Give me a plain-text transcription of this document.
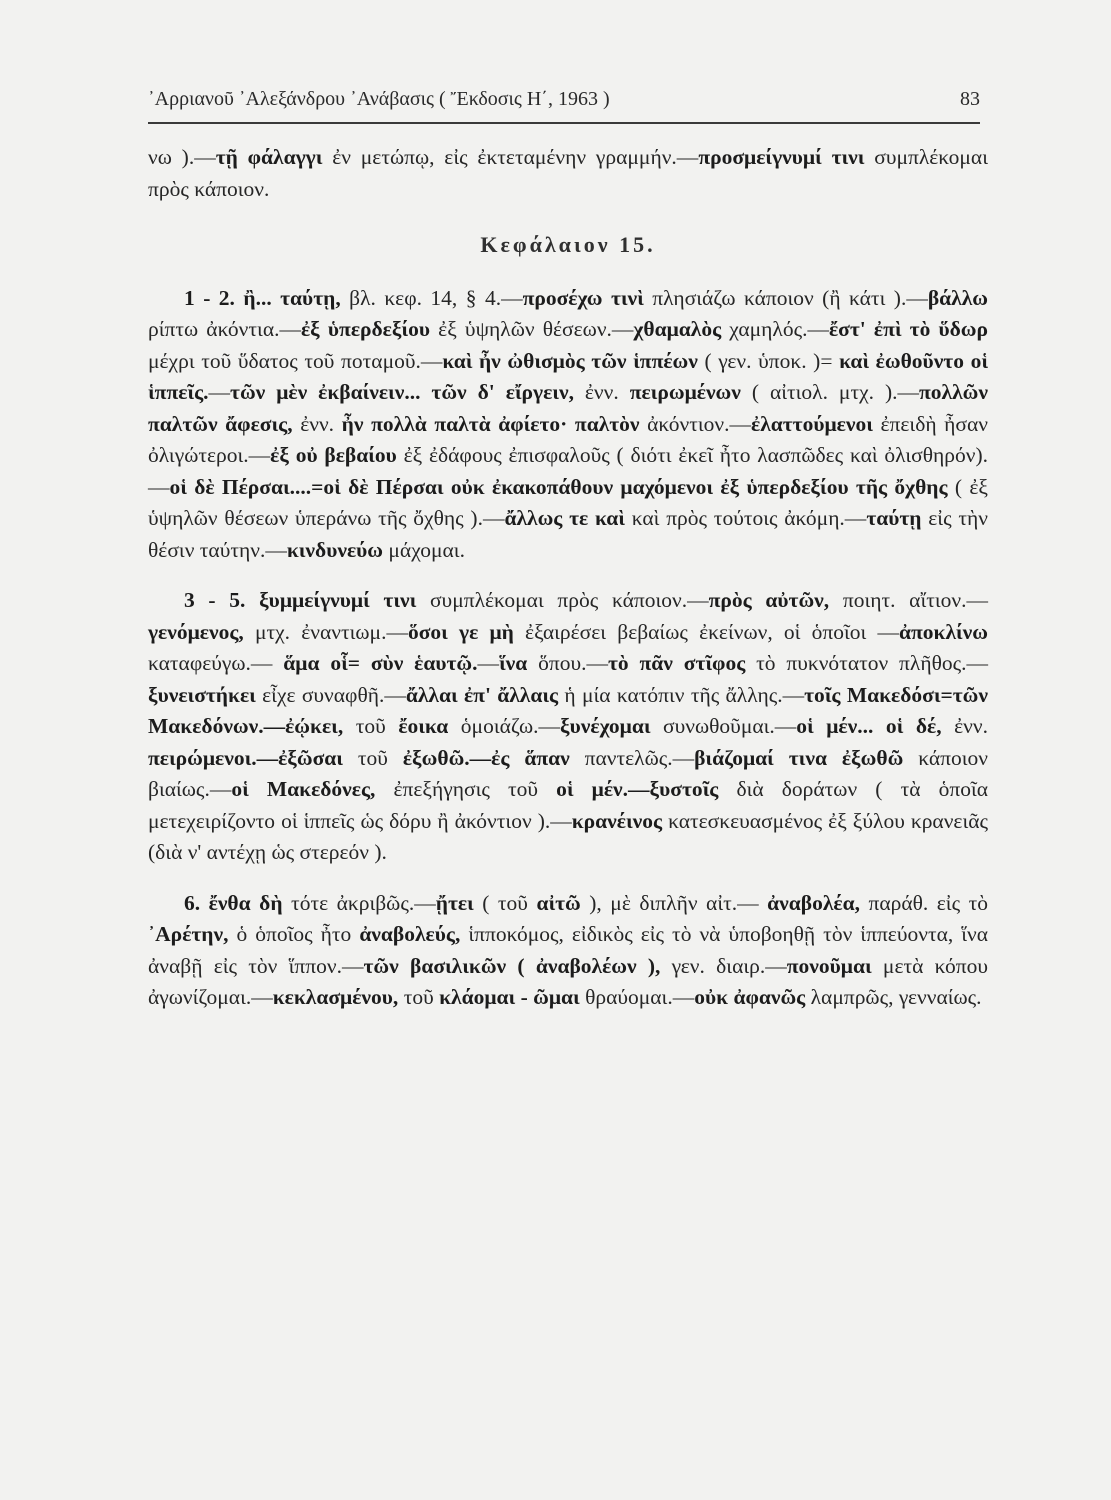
᾿Αρριανοῦ ᾿Αλεξάνδρου ᾿Ανάβασις ( Ἔκδοσις Η΄, 1963 )	83

νω ).—τῇ φάλαγγι ἐν μετώπῳ, εἰς ἐκτεταμένην γραμμήν.—προσμείγνυμί τινι συμπλέκομαι πρὸς κάποιον.

Κεφάλαιον 15.

1 - 2. ἢ... ταύτῃ, βλ. κεφ. 14, § 4.—προσέχω τινὶ πλησιάζω κάποιον (ἢ κάτι ).—βάλλω ρίπτω ἀκόντια.—ἐξ ὑπερδεξίου ἐξ ὑψηλῶν θέσεων.—χθαμαλὸς χαμηλός.—ἔστ' ἐπὶ τὸ ὕδωρ μέχρι τοῦ ὕδατος τοῦ ποταμοῦ.—καὶ ἦν ὠθισμὸς τῶν ἱππέων ( γεν. ὑποκ. )= καὶ ἐωθοῦντο οἱ ἱππεῖς.—τῶν μὲν ἐκβαίνειν... τῶν δ' εἴργειν, ἐνν. πειρωμένων ( αἰτιολ. μτχ. ).—πολλῶν παλτῶν ἄφεσις, ἐνν. ἦν πολλὰ παλτὰ ἀφίετο· παλτὸν ἀκόντιον.—ἐλαττούμενοι ἐπειδὴ ἦσαν ὀλιγώτεροι.—ἐξ οὐ βεβαίου ἐξ ἐδάφους ἐπισφαλοῦς ( διότι ἐκεῖ ἦτο λασπῶδες καὶ ὀλισθηρόν).—οἱ δὲ Πέρσαι....=οἱ δὲ Πέρσαι οὐκ ἐκακοπάθουν μαχόμενοι ἐξ ὑπερδεξίου τῆς ὄχθης ( ἐξ ὑψηλῶν θέσεων ὑπεράνω τῆς ὄχθης ).—ἄλλως τε καὶ καὶ πρὸς τούτοις ἀκόμη.—ταύτῃ εἰς τὴν θέσιν ταύτην.—κινδυνεύω μάχομαι.

3 - 5. ξυμμείγνυμί τινι συμπλέκομαι πρὸς κάποιον.—πρὸς αὐτῶν, ποιητ. αἴτιον.—γενόμενος, μτχ. ἐναντιωμ.—ὅσοι γε μὴ ἐξαιρέσει βεβαίως ἐκείνων, οἱ ὁποῖοι —ἀποκλίνω καταφεύγω.— ἅμα οἷ= σὺν ἑαυτῷ.—ἵνα ὅπου.—τὸ πᾶν στῖφος τὸ πυκνότατον πλῆθος.—ξυνειστήκει εἶχε συναφθῆ.—ἄλλαι ἐπ' ἄλλαις ἡ μία κατόπιν τῆς ἄλλης.—τοῖς Μακεδόσι=τῶν Μακεδόνων.—ἐῴκει, τοῦ ἔοικα ὁμοιάζω.—ξυνέχομαι συνωθοῦμαι.—οἱ μέν... οἱ δέ, ἐνν. πειρώμενοι.—ἐξῶσαι τοῦ ἐξωθῶ.—ἐς ἅπαν παντελῶς.—βιάζομαί τινα ἐξωθῶ κάποιον βιαίως.—οἱ Μακεδόνες, ἐπεξήγησις τοῦ οἱ μέν.—ξυστοῖς διὰ δοράτων ( τὰ ὁποῖα μετεχειρίζοντο οἱ ἱππεῖς ὡς δόρυ ἢ ἀκόντιον ).—κρανέινος κατεσκευασμένος ἐξ ξύλου κρανειᾶς (διὰ ν' αντέχῃ ὡς στερεόν ).

6. ἔνθα δὴ τότε ἀκριβῶς.—ᾔτει ( τοῦ αἰτῶ ), μὲ διπλῆν αἰτ.— ἀναβολέα, παράθ. εἰς τὸ ᾿Αρέτην, ὁ ὁποῖος ἦτο ἀναβολεύς, ἱπποκόμος, εἰδικὸς εἰς τὸ νὰ ὑποβοηθῇ τὸν ἱππεύοντα, ἵνα ἀναβῇ εἰς τὸν ἵππον.—τῶν βασιλικῶν ( ἀναβολέων ), γεν. διαιρ.—πονοῦμαι μετὰ κόπου ἀγωνίζομαι.—κεκλασμένου, τοῦ κλάομαι - ῶμαι θραύομαι.—οὐκ ἀφανῶς λαμπρῶς, γενναίως.
